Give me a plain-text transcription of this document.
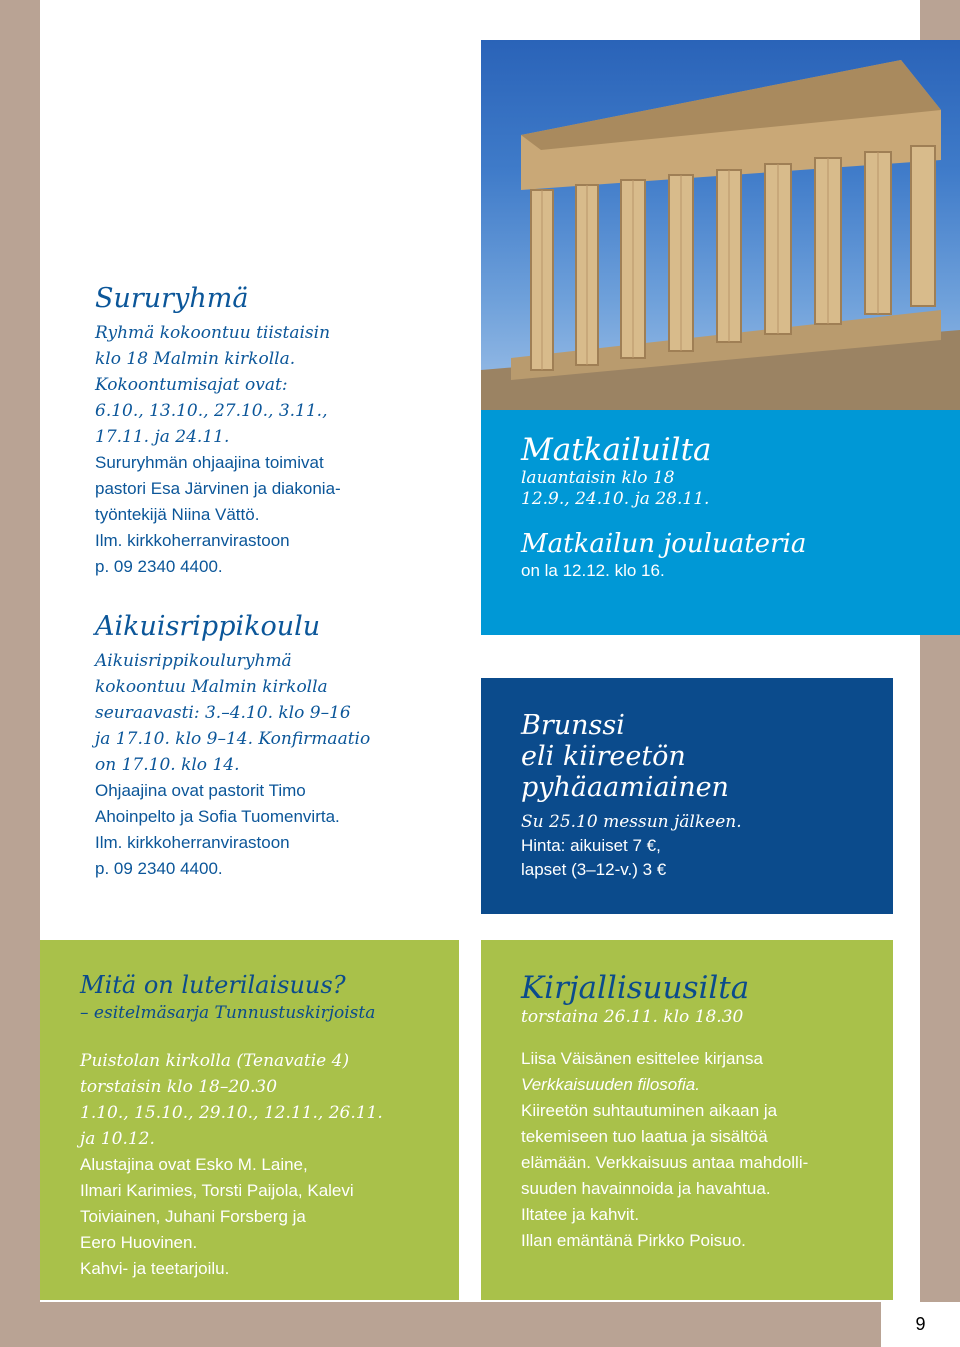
Sururyhmä
Ryhmä kokoontuu tiistaisin
klo 18 Malmin kirkolla.
Kokoontumisajat ovat:
6.10., 13.10., 27.10., 3.11.,
17.11. ja 24.11.
Sururyhmän ohjaajina toimivat
pastori Esa Järvinen ja diakonia-
työntekijä Niina Vättö.
Ilm. kirkkoherranvirastoon
p. 09 2340 4400.
Aikuisrippikoulu
Aikuisrippikouluryhmä
kokoontuu Malmin kirkolla
seuraavasti: 3.–4.10. klo 9–16
ja 17.10. klo 9–14. Konfirmaatio
on 17.10. klo 14.
Ohjaajina ovat pastorit Timo
Ahoinpelto ja Sofia Tuomenvirta.
Ilm. kirkkoherranvirastoon
p. 09 2340 4400.
Matkailuilta
lauantaisin klo 18
12.9., 24.10. ja 28.11.
Matkailun jouluateria
on la 12.12. klo 16.
Brunssi
eli kiireetön
pyhäaamiainen
Su 25.10 messun jälkeen.
Hinta: aikuiset 7 €,
lapset (3–12-v.) 3 €
Mitä on luterilaisuus?
– esitelmäsarja Tunnustuskirjoista
Puistolan kirkolla (Tenavatie 4)
torstaisin klo 18–20.30
1.10., 15.10., 29.10., 12.11., 26.11.
ja 10.12.
Alustajina ovat Esko M. Laine,
Ilmari Karimies, Torsti Paijola, Kalevi
Toiviainen, Juhani Forsberg ja
Eero Huovinen.
Kahvi- ja teetarjoilu.
Kirjallisuusilta
torstaina 26.11. klo 18.30
Liisa Väisänen esittelee kirjansa
Verkkaisuuden filosofia.
Kiireetön suhtautuminen aikaan ja
tekemiseen tuo laatua ja sisältöä
elämään. Verkkaisuus antaa mahdolli-
suuden havainnoida ja havahtua.
Iltatee ja kahvit.
Illan emäntänä Pirkko Poisuo.
9
